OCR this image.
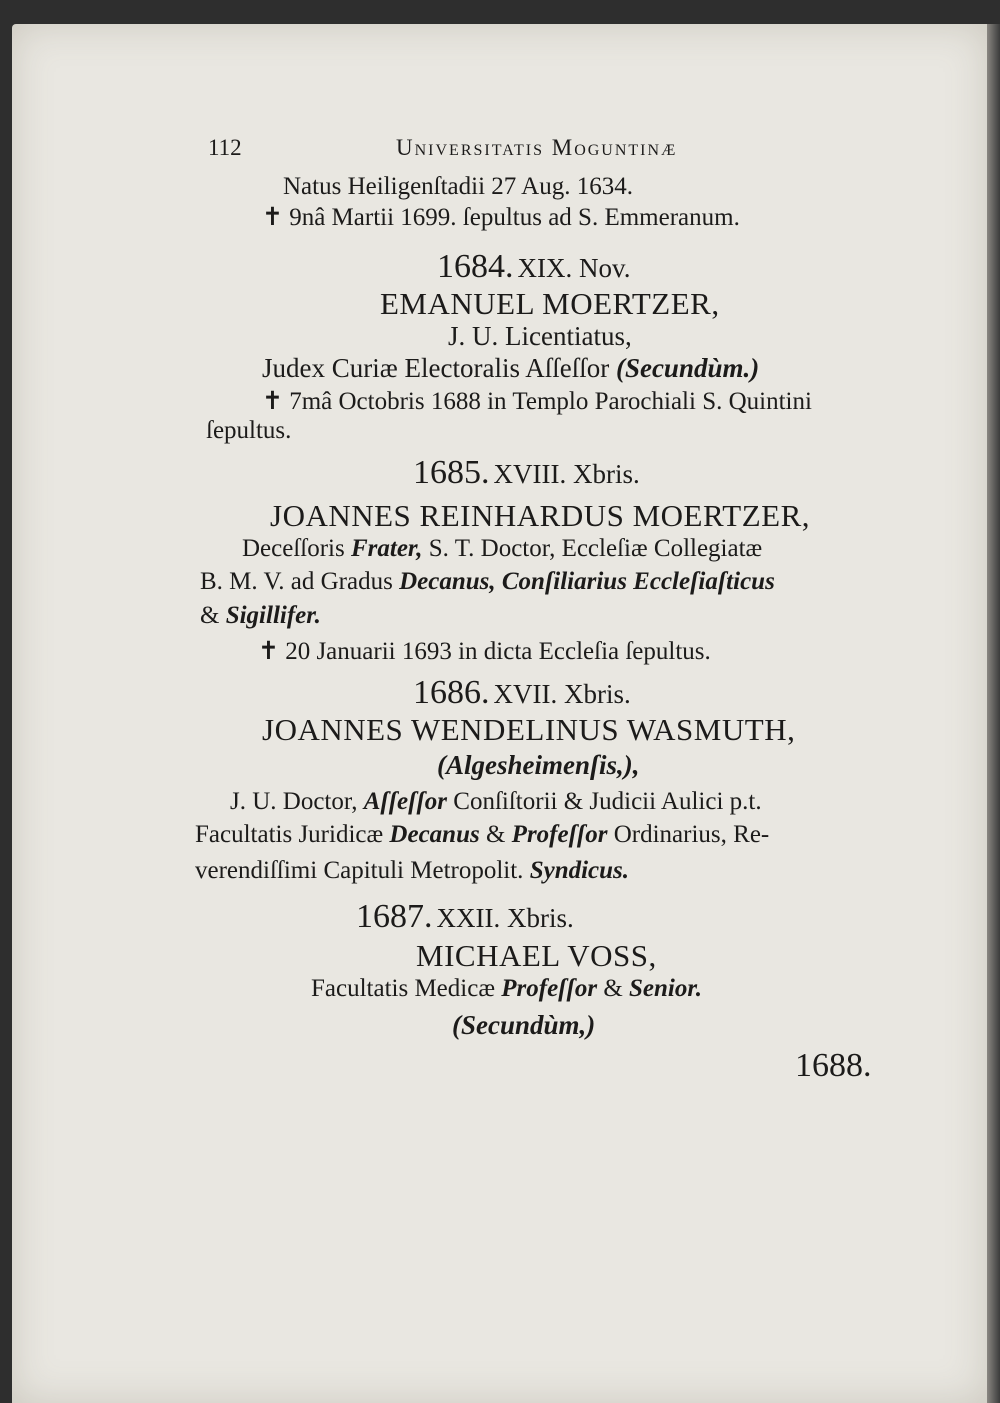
112	Universitatis Moguntinæ

Natus Heiligenſtadii 27 Aug. 1634.

✝ 9nâ Martii 1699. ſepultus ad S. Emmeranum.

1684. XIX. Nov.

EMANUEL MOERTZER,

J. U. Licentiatus,

Judex Curiæ Electoralis Aſſeſſor (Secundùm.)

✝ 7mâ Octobris 1688 in Templo Parochiali S. Quintini

ſepultus.

1685. XVIII. Xbris.

JOANNES REINHARDUS MOERTZER,

Deceſſoris Frater, S. T. Doctor, Eccleſiæ Collegiatæ

B. M. V. ad Gradus Decanus, Conſiliarius Eccleſiaſticus

& Sigillifer.

✝ 20 Januarii 1693 in dicta Eccleſia ſepultus.

1686. XVII. Xbris.

JOANNES WENDELINUS WASMUTH,

(Algesheimenſis,),

J. U. Doctor, Aſſeſſor Conſiſtorii & Judicii Aulici p.t.

Facultatis Juridicæ Decanus & Profeſſor Ordinarius, Re-

verendiſſimi Capituli Metropolit. Syndicus.

1687. XXII. Xbris.

MICHAEL VOSS,

Facultatis Medicæ Profeſſor & Senior.

(Secundùm,)

1688.
